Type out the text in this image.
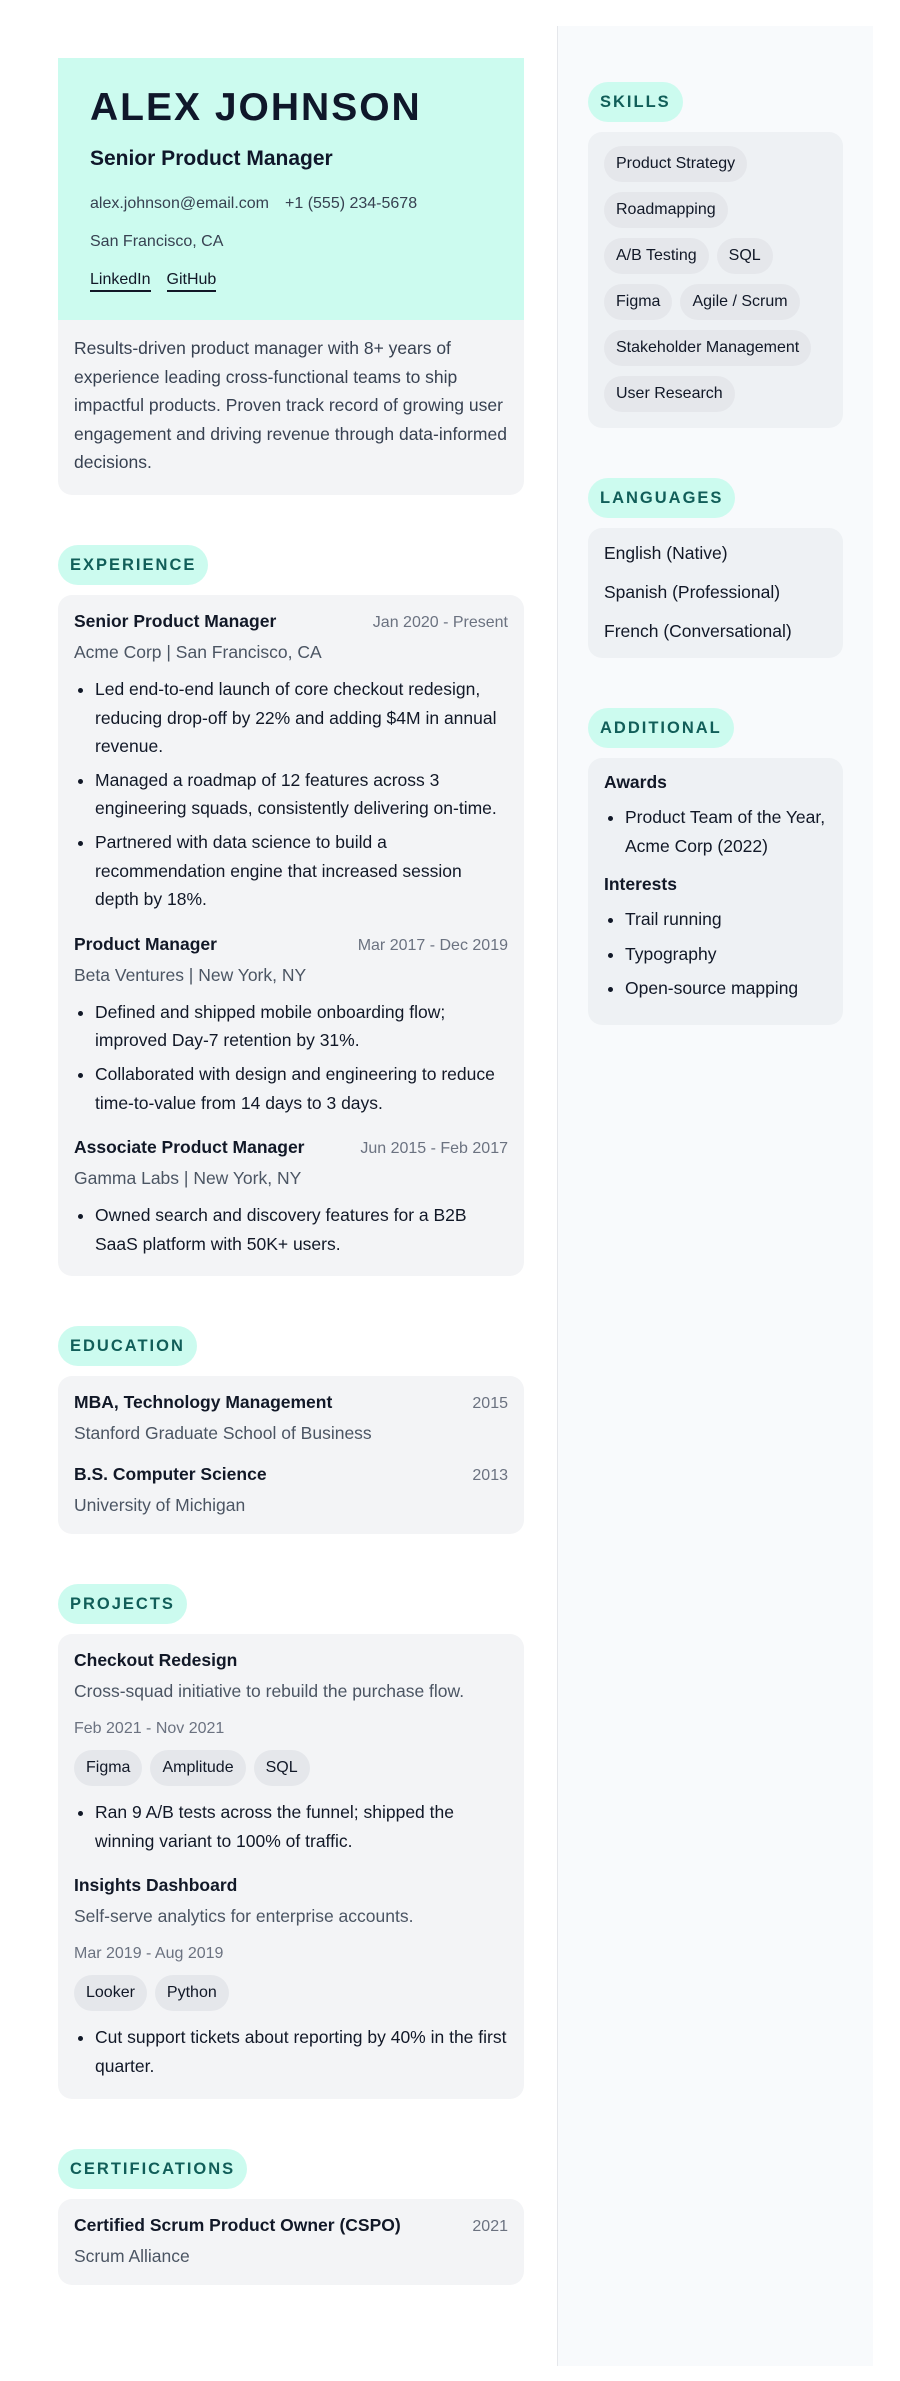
ALEX JOHNSON
Senior Product Manager
alex.johnson@email.com +1 (555) 234-5678
San Francisco, CA
LinkedIn GitHub
Results-driven product manager with 8+ years of experience leading cross-functional teams to ship impactful products. Proven track record of growing user engagement and driving revenue through data-informed decisions.
EXPERIENCE
Senior Product Manager	Jan 2020 - Present
Acme Corp | San Francisco, CA
• Led end-to-end launch of core checkout redesign, reducing drop-off by 22% and adding $4M in annual revenue.
• Managed a roadmap of 12 features across 3 engineering squads, consistently delivering on-time.
• Partnered with data science to build a recommendation engine that increased session depth by 18%.
Product Manager	Mar 2017 - Dec 2019
Beta Ventures | New York, NY
• Defined and shipped mobile onboarding flow; improved Day-7 retention by 31%.
• Collaborated with design and engineering to reduce time-to-value from 14 days to 3 days.
Associate Product Manager	Jun 2015 - Feb 2017
Gamma Labs | New York, NY
• Owned search and discovery features for a B2B SaaS platform with 50K+ users.
EDUCATION
MBA, Technology Management	2015
Stanford Graduate School of Business
B.S. Computer Science	2013
University of Michigan
PROJECTS
Checkout Redesign
Cross-squad initiative to rebuild the purchase flow.
Feb 2021 - Nov 2021
Figma	Amplitude	SQL
• Ran 9 A/B tests across the funnel; shipped the winning variant to 100% of traffic.
Insights Dashboard
Self-serve analytics for enterprise accounts.
Mar 2019 - Aug 2019
Looker	Python
• Cut support tickets about reporting by 40% in the first quarter.
CERTIFICATIONS
Certified Scrum Product Owner (CSPO)	2021
Scrum Alliance
SKILLS
Product Strategy
Roadmapping
A/B Testing	SQL
Figma	Agile / Scrum
Stakeholder Management
User Research
LANGUAGES
English (Native)
Spanish (Professional)
French (Conversational)
ADDITIONAL
Awards
• Product Team of the Year, Acme Corp (2022)
Interests
• Trail running
• Typography
• Open-source mapping
